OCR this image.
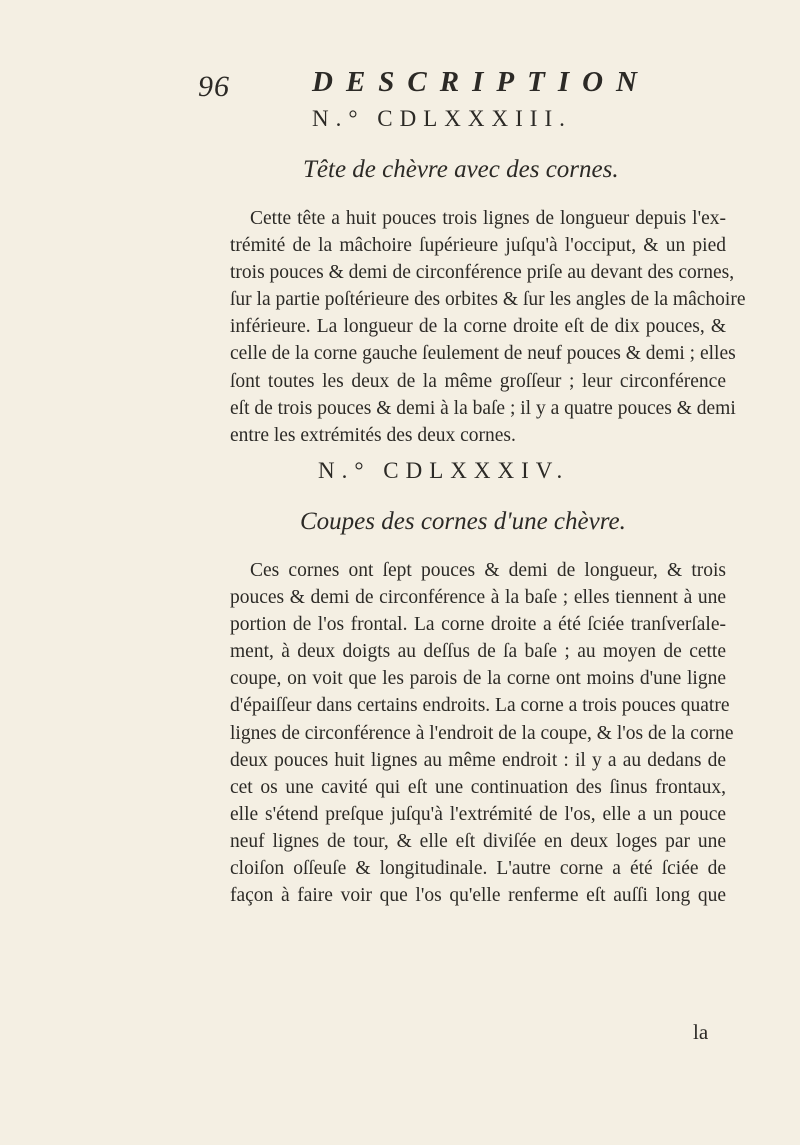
96	DESCRIPTION
N.° CDLXXXIII.
Tête de chèvre avec des cornes.
Cette tête a huit pouces trois lignes de longueur depuis l'ex-
trémité de la mâchoire ſupérieure juſqu'à l'occiput, & un pied
trois pouces & demi de circonférence priſe au devant des cornes,
ſur la partie poſtérieure des orbites & ſur les angles de la mâchoire
inférieure. La longueur de la corne droite eſt de dix pouces, &
celle de la corne gauche ſeulement de neuf pouces & demi ; elles
ſont toutes les deux de la même groſſeur ; leur circonférence
eſt de trois pouces & demi à la baſe ; il y a quatre pouces & demi
entre les extrémités des deux cornes.
N.° CDLXXXIV.
Coupes des cornes d'une chèvre.
Ces cornes ont ſept pouces & demi de longueur, & trois
pouces & demi de circonférence à la baſe ; elles tiennent à une
portion de l'os frontal. La corne droite a été ſciée tranſverſale-
ment, à deux doigts au deſſus de ſa baſe ; au moyen de cette
coupe, on voit que les parois de la corne ont moins d'une ligne
d'épaiſſeur dans certains endroits. La corne a trois pouces quatre
lignes de circonférence à l'endroit de la coupe, & l'os de la corne
deux pouces huit lignes au même endroit : il y a au dedans de
cet os une cavité qui eſt une continuation des ſinus frontaux,
elle s'étend preſque juſqu'à l'extrémité de l'os, elle a un pouce
neuf lignes de tour, & elle eſt diviſée en deux loges par une
cloiſon oſſeuſe & longitudinale. L'autre corne a été ſciée de
façon à faire voir que l'os qu'elle renferme eſt auſſi long que
la
